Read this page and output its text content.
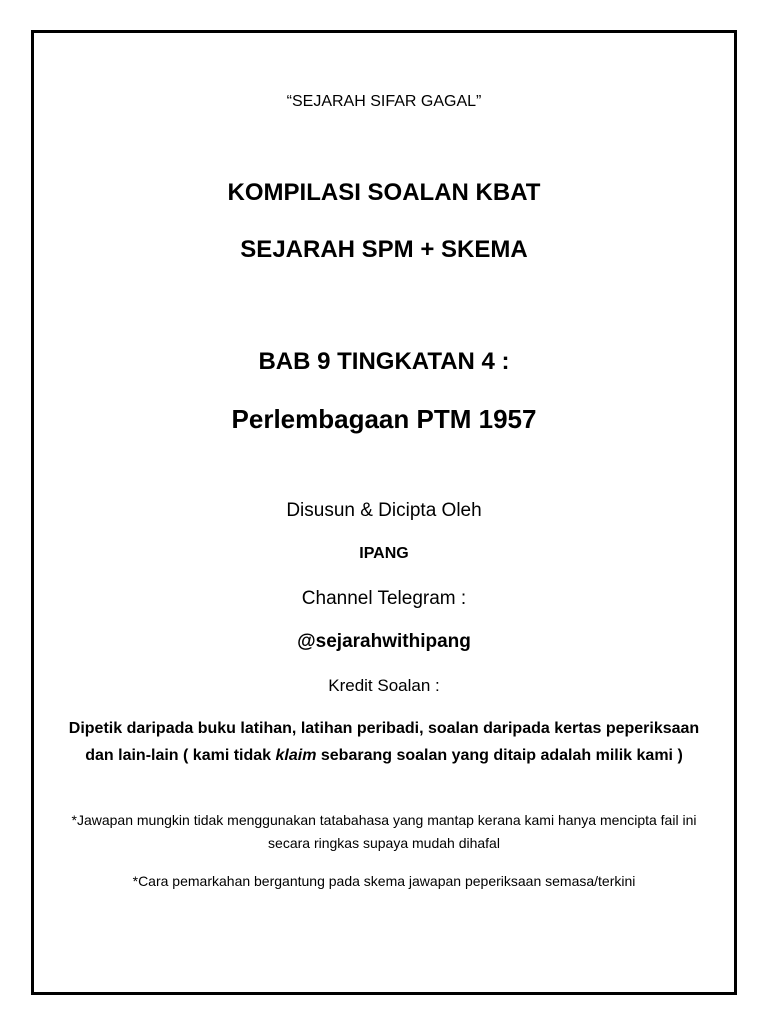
“SEJARAH SIFAR GAGAL”
KOMPILASI SOALAN KBAT
SEJARAH SPM + SKEMA
BAB 9 TINGKATAN 4 :
Perlembagaan PTM 1957
Disusun & Dicipta Oleh
IPANG
Channel Telegram :
@sejarahwithipang
Kredit Soalan :
Dipetik daripada buku latihan, latihan peribadi, soalan daripada kertas peperiksaan dan lain-lain ( kami tidak klaim sebarang soalan yang ditaip adalah milik kami )
*Jawapan mungkin tidak menggunakan tatabahasa yang mantap kerana kami hanya mencipta fail ini secara ringkas supaya mudah dihafal
*Cara pemarkahan bergantung pada skema jawapan peperiksaan semasa/terkini
